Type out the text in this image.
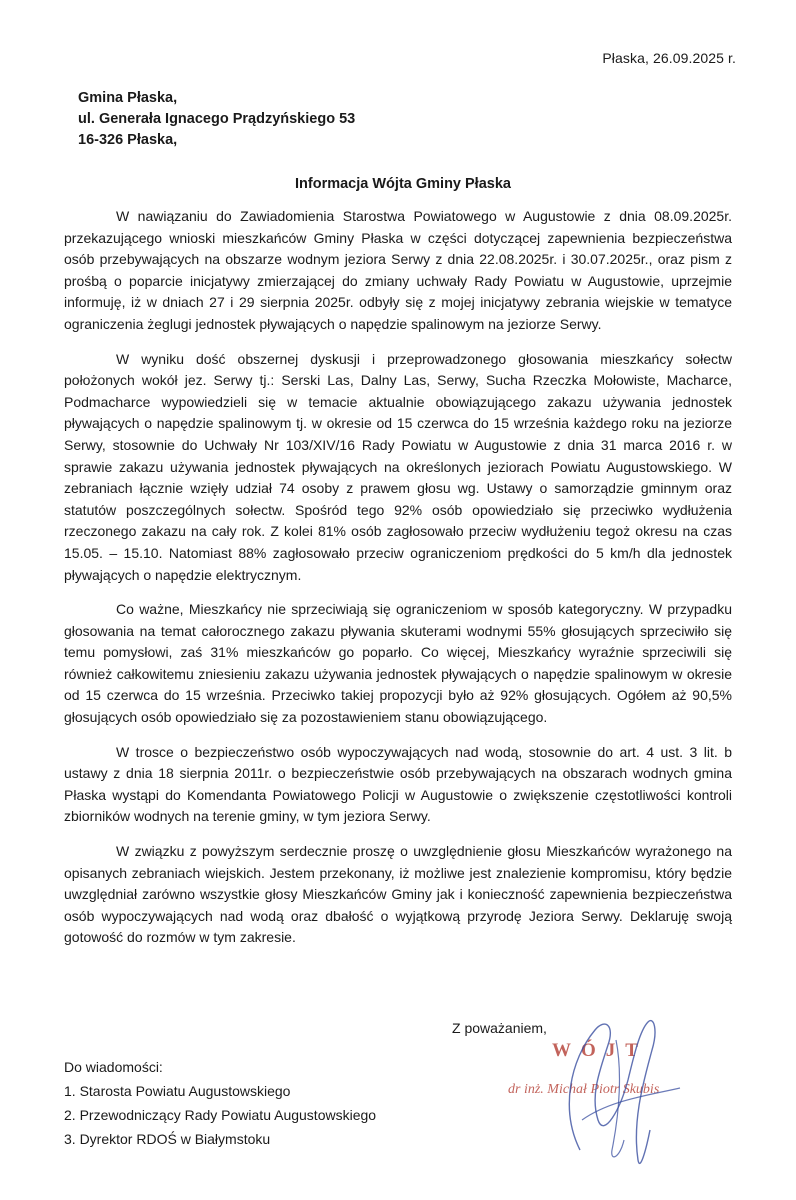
Płaska, 26.09.2025 r.
Gmina Płaska,
ul. Generała Ignacego Prądzyńskiego 53
16-326 Płaska,
Informacja Wójta Gminy Płaska

W nawiązaniu do Zawiadomienia Starostwa Powiatowego w Augustowie z dnia 08.09.2025r. przekazującego wnioski mieszkańców Gminy Płaska w części dotyczącej zapewnienia bezpieczeństwa osób przebywających na obszarze wodnym jeziora Serwy z dnia 22.08.2025r. i 30.07.2025r., oraz pism z prośbą o poparcie inicjatywy zmierzającej do zmiany uchwały Rady Powiatu w Augustowie, uprzejmie informuję, iż w dniach 27 i 29 sierpnia 2025r. odbyły się z mojej inicjatywy zebrania wiejskie w tematyce ograniczenia żeglugi jednostek pływających o napędzie spalinowym na jeziorze Serwy.

W wyniku dość obszernej dyskusji i przeprowadzonego głosowania mieszkańcy sołectw położonych wokół jez. Serwy tj.: Serski Las, Dalny Las, Serwy, Sucha Rzeczka Mołowiste, Macharce, Podmacharce wypowiedzieli się w temacie aktualnie obowiązującego zakazu używania jednostek pływających o napędzie spalinowym tj. w okresie od 15 czerwca do 15 września każdego roku na jeziorze Serwy, stosownie do Uchwały Nr 103/XIV/16 Rady Powiatu w Augustowie z dnia 31 marca 2016 r. w sprawie zakazu używania jednostek pływających na określonych jeziorach Powiatu Augustowskiego. W zebraniach łącznie wzięły udział 74 osoby z prawem głosu wg. Ustawy o samorządzie gminnym oraz statutów poszczególnych sołectw. Spośród tego 92% osób opowiedziało się przeciwko wydłużenia rzeczonego zakazu na cały rok. Z kolei 81% osób zagłosowało przeciw wydłużeniu tegoż okresu na czas 15.05. – 15.10. Natomiast 88% zagłosowało przeciw ograniczeniom prędkości do 5 km/h dla jednostek pływających o napędzie elektrycznym.

Co ważne, Mieszkańcy nie sprzeciwiają się ograniczeniom w sposób kategoryczny. W przypadku głosowania na temat całorocznego zakazu pływania skuterami wodnymi 55% głosujących sprzeciwiło się temu pomysłowi, zaś 31% mieszkańców go poparło. Co więcej, Mieszkańcy wyraźnie sprzeciwili się również całkowitemu zniesieniu zakazu używania jednostek pływających o napędzie spalinowym w okresie od 15 czerwca do 15 września. Przeciwko takiej propozycji było aż 92% głosujących. Ogółem aż 90,5% głosujących osób opowiedziało się za pozostawieniem stanu obowiązującego.

W trosce o bezpieczeństwo osób wypoczywających nad wodą, stosownie do art. 4 ust. 3 lit. b ustawy z dnia 18 sierpnia 2011r. o bezpieczeństwie osób przebywających na obszarach wodnych gmina Płaska wystąpi do Komendanta Powiatowego Policji w Augustowie o zwiększenie częstotliwości kontroli zbiorników wodnych na terenie gminy, w tym jeziora Serwy.

W związku z powyższym serdecznie proszę o uwzględnienie głosu Mieszkańców wyrażonego na opisanych zebraniach wiejskich. Jestem przekonany, iż możliwe jest znalezienie kompromisu, który będzie uwzględniał zarówno wszystkie głosy Mieszkańców Gminy jak i konieczność zapewnienia bezpieczeństwa osób wypoczywających nad wodą oraz dbałość o wyjątkową przyrodę Jeziora Serwy. Deklaruję swoją gotowość do rozmów w tym zakresie.

Z poważaniem,
WÓJT
dr inż. Michał Piotr Skubis
Do wiadomości:
1. Starosta Powiatu Augustowskiego
2. Przewodniczący Rady Powiatu Augustowskiego
3. Dyrektor RDOŚ w Białymstoku
